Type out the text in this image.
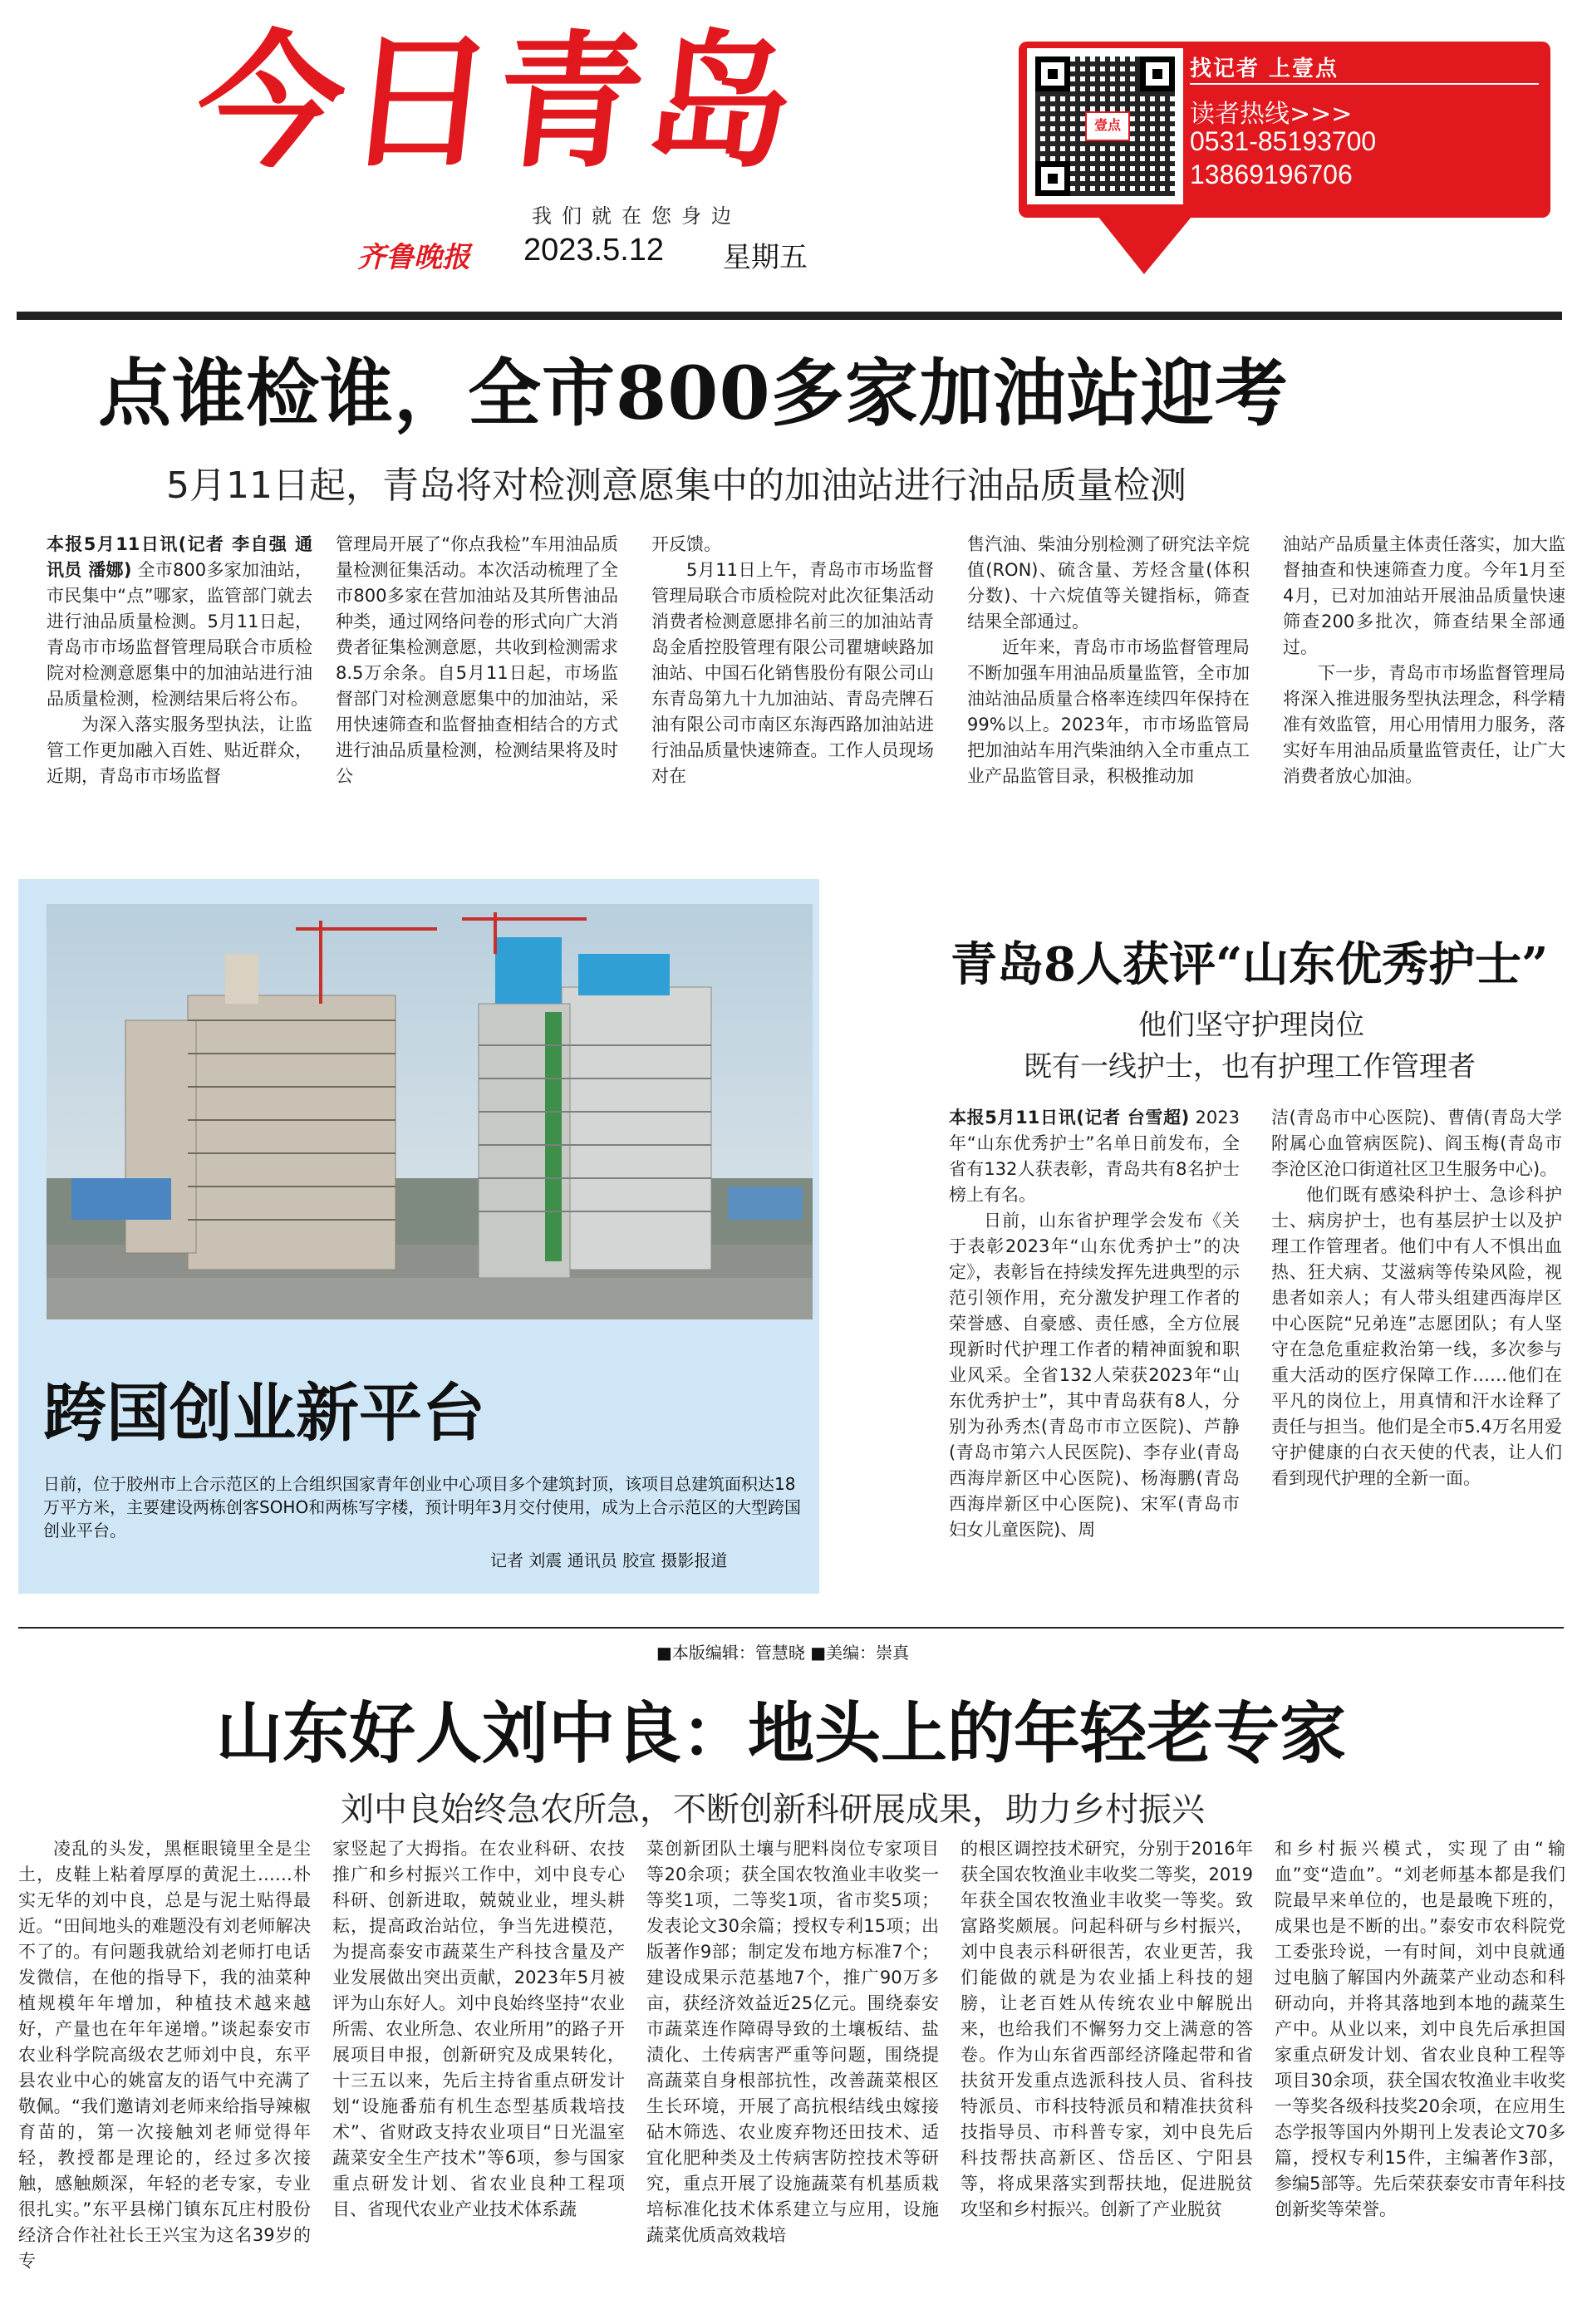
今日青岛
我们就在您身边
齐鲁晚报 2023.5.12 星期五
壹点
找记者 上壹点
读者热线>>>
0531-85193700
13869196706
点谁检谁，全市800多家加油站迎考
5月11日起，青岛将对检测意愿集中的加油站进行油品质量检测

本报5月11日讯(记者 李自强 通讯员 潘娜) 全市800多家加油站，市民集中“点”哪家，监管部门就去进行油品质量检测。5月11日起，青岛市市场监督管理局联合市质检院对检测意愿集中的加油站进行油品质量检测，检测结果后将公布。

为深入落实服务型执法，让监管工作更加融入百姓、贴近群众，近期，青岛市市场监督

管理局开展了“你点我检”车用油品质量检测征集活动。本次活动梳理了全市800多家在营加油站及其所售油品种类，通过网络问卷的形式向广大消费者征集检测意愿，共收到检测需求8.5万余条。自5月11日起，市场监督部门对检测意愿集中的加油站，采用快速筛查和监督抽查相结合的方式进行油品质量检测，检测结果将及时公

开反馈。

5月11日上午，青岛市市场监督管理局联合市质检院对此次征集活动消费者检测意愿排名前三的加油站青岛金盾控股管理有限公司瞿塘峡路加油站、中国石化销售股份有限公司山东青岛第九十九加油站、青岛壳牌石油有限公司市南区东海西路加油站进行油品质量快速筛查。工作人员现场对在

售汽油、柴油分别检测了研究法辛烷值(RON)、硫含量、芳烃含量(体积分数)、十六烷值等关键指标，筛查结果全部通过。

近年来，青岛市市场监督管理局不断加强车用油品质量监管，全市加油站油品质量合格率连续四年保持在99%以上。2023年，市市场监管局把加油站车用汽柴油纳入全市重点工业产品监管目录，积极推动加

油站产品质量主体责任落实，加大监督抽查和快速筛查力度。今年1月至4月，已对加油站开展油品质量快速筛查200多批次，筛查结果全部通过。

下一步，青岛市市场监督管理局将深入推进服务型执法理念，科学精准有效监管，用心用情用力服务，落实好车用油品质量监管责任，让广大消费者放心加油。

跨国创业新平台
日前，位于胶州市上合示范区的上合组织国家青年创业中心项目多个建筑封顶，该项目总建筑面积达18万平方米，主要建设两栋创客SOHO和两栋写字楼，预计明年3月交付使用，成为上合示范区的大型跨国创业平台。
记者 刘震 通讯员 胶宣 摄影报道
青岛8人获评“山东优秀护士”
他们坚守护理岗位
既有一线护士，也有护理工作管理者

本报5月11日讯(记者 台雪超) 2023年“山东优秀护士”名单日前发布，全省有132人获表彰，青岛共有8名护士榜上有名。

日前，山东省护理学会发布《关于表彰2023年“山东优秀护士”的决定》，表彰旨在持续发挥先进典型的示范引领作用，充分激发护理工作者的荣誉感、自豪感、责任感，全方位展现新时代护理工作者的精神面貌和职业风采。全省132人荣获2023年“山东优秀护士”，其中青岛获有8人，分别为孙秀杰(青岛市市立医院)、芦静(青岛市第六人民医院)、李存业(青岛西海岸新区中心医院)、杨海鹏(青岛西海岸新区中心医院)、宋军(青岛市妇女儿童医院)、周

洁(青岛市中心医院)、曹倩(青岛大学附属心血管病医院)、阎玉梅(青岛市李沧区沧口街道社区卫生服务中心)。

他们既有感染科护士、急诊科护士、病房护士，也有基层护士以及护理工作管理者。他们中有人不惧出血热、狂犬病、艾滋病等传染风险，视患者如亲人；有人带头组建西海岸区中心医院“兄弟连”志愿团队；有人坚守在急危重症救治第一线，多次参与重大活动的医疗保障工作……他们在平凡的岗位上，用真情和汗水诠释了责任与担当。他们是全市5.4万名用爱守护健康的白衣天使的代表，让人们看到现代护理的全新一面。

■本版编辑：管慧晓 ■美编：崇真
山东好人刘中良：地头上的年轻老专家
刘中良始终急农所急，不断创新科研展成果，助力乡村振兴

凌乱的头发，黑框眼镜里全是尘土，皮鞋上粘着厚厚的黄泥土……朴实无华的刘中良，总是与泥土贴得最近。“田间地头的难题没有刘老师解决不了的。有问题我就给刘老师打电话发微信，在他的指导下，我的油菜种植规模年年增加，种植技术越来越好，产量也在年年递增。”谈起泰安市农业科学院高级农艺师刘中良，东平县农业中心的姚富友的语气中充满了敬佩。“我们邀请刘老师来给指导辣椒育苗的，第一次接触刘老师觉得年轻，教授都是理论的，经过多次接触，感触颇深，年轻的老专家，专业很扎实。”东平县梯门镇东瓦庄村股份经济合作社社长王兴宝为这名39岁的专

家竖起了大拇指。在农业科研、农技推广和乡村振兴工作中，刘中良专心科研、创新进取，兢兢业业，埋头耕耘，提高政治站位，争当先进模范，为提高泰安市蔬菜生产科技含量及产业发展做出突出贡献，2023年5月被评为山东好人。刘中良始终坚持“农业所需、农业所急、农业所用”的路子开展项目申报，创新研究及成果转化，十三五以来，先后主持省重点研发计划“设施番茄有机生态型基质栽培技术”、省财政支持农业项目“日光温室蔬菜安全生产技术”等6项，参与国家重点研发计划、省农业良种工程项目、省现代农业产业技术体系蔬

菜创新团队土壤与肥料岗位专家项目等20余项；获全国农牧渔业丰收奖一等奖1项，二等奖1项，省市奖5项；发表论文30余篇；授权专利15项；出版著作9部；制定发布地方标准7个；建设成果示范基地7个，推广90万多亩，获经济效益近25亿元。围绕泰安市蔬菜连作障碍导致的土壤板结、盐渍化、土传病害严重等问题，围绕提高蔬菜自身根部抗性，改善蔬菜根区生长环境，开展了高抗根结线虫嫁接砧木筛选、农业废弃物还田技术、适宜化肥种类及土传病害防控技术等研究，重点开展了设施蔬菜有机基质栽培标准化技术体系建立与应用，设施蔬菜优质高效栽培

的根区调控技术研究，分别于2016年获全国农牧渔业丰收奖二等奖，2019年获全国农牧渔业丰收奖一等奖。致富路奖颇展。问起科研与乡村振兴，刘中良表示科研很苦，农业更苦，我们能做的就是为农业插上科技的翅膀，让老百姓从传统农业中解脱出来，也给我们不懈努力交上满意的答卷。作为山东省西部经济隆起带和省扶贫开发重点选派科技人员、省科技特派员、市科技特派员和精准扶贫科技指导员、市科普专家，刘中良先后科技帮扶高新区、岱岳区、宁阳县等，将成果落实到帮扶地，促进脱贫攻坚和乡村振兴。创新了产业脱贫

和乡村振兴模式，实现了由“输血”变“造血”。“刘老师基本都是我们院最早来单位的，也是最晚下班的，成果也是不断的出。”泰安市农科院党工委张玲说，一有时间，刘中良就通过电脑了解国内外蔬菜产业动态和科研动向，并将其落地到本地的蔬菜生产中。从业以来，刘中良先后承担国家重点研发计划、省农业良种工程等项目30余项，获全国农牧渔业丰收奖一等奖各级科技奖20余项，在应用生态学报等国内外期刊上发表论文70多篇，授权专利15件，主编著作3部，参编5部等。先后荣获泰安市青年科技创新奖等荣誉。
